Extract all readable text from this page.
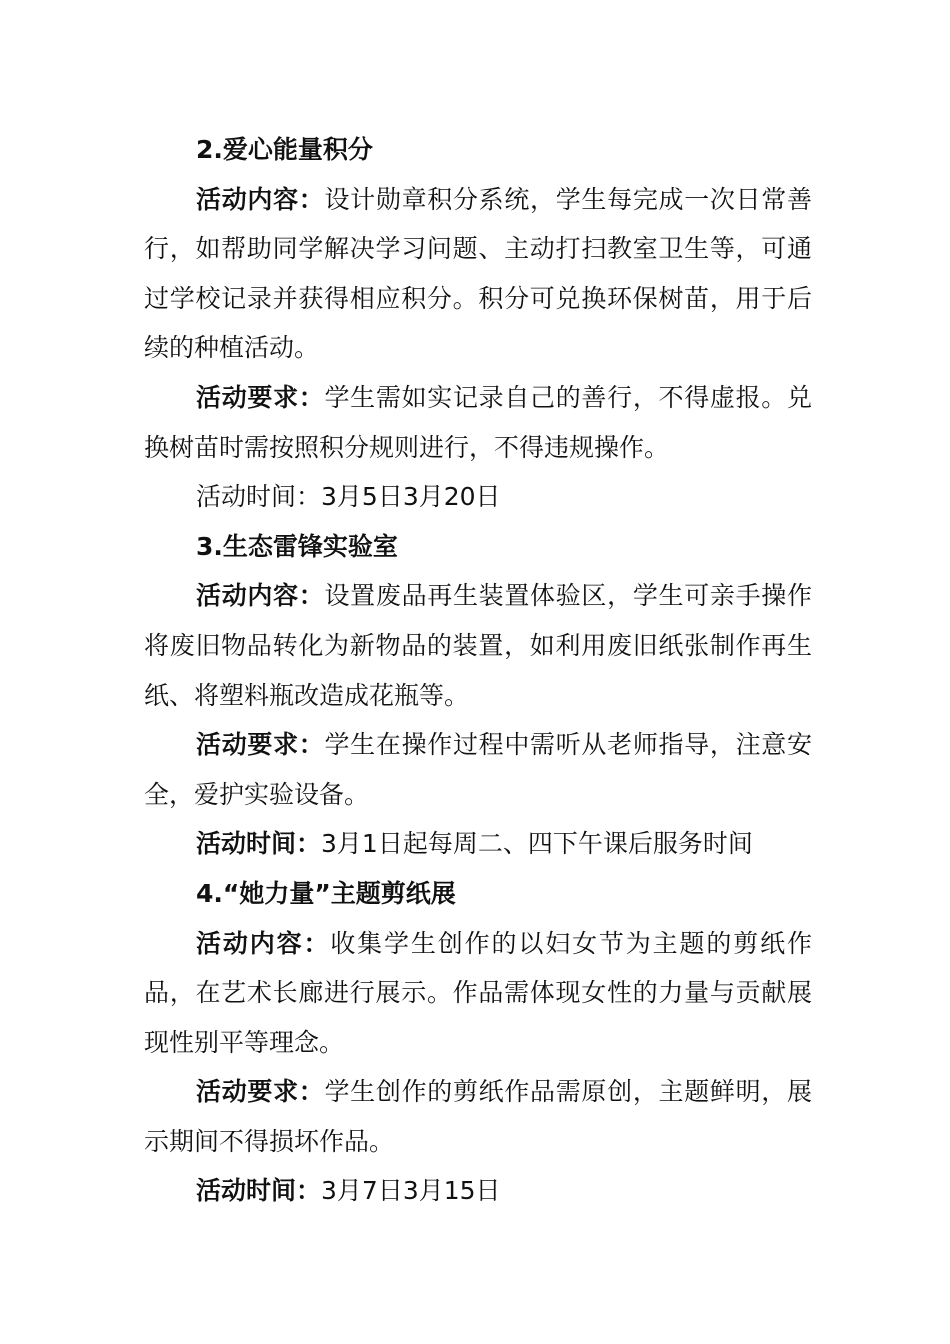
2.爱心能量积分

活动内容：设计勋章积分系统，学生每完成一次日常善行，如帮助同学解决学习问题、主动打扫教室卫生等，可通过学校记录并获得相应积分。积分可兑换环保树苗，用于后续的种植活动。

活动要求：学生需如实记录自己的善行，不得虚报。兑换树苗时需按照积分规则进行，不得违规操作。

活动时间：3月5日3月20日

3.生态雷锋实验室

活动内容：设置废品再生装置体验区，学生可亲手操作将废旧物品转化为新物品的装置，如利用废旧纸张制作再生纸、将塑料瓶改造成花瓶等。

活动要求：学生在操作过程中需听从老师指导，注意安全，爱护实验设备。

活动时间：3月1日起每周二、四下午课后服务时间

4.“她力量”主题剪纸展

活动内容：收集学生创作的以妇女节为主题的剪纸作品，在艺术长廊进行展示。作品需体现女性的力量与贡献展现性别平等理念。

活动要求：学生创作的剪纸作品需原创，主题鲜明，展示期间不得损坏作品。

活动时间：3月7日3月15日
